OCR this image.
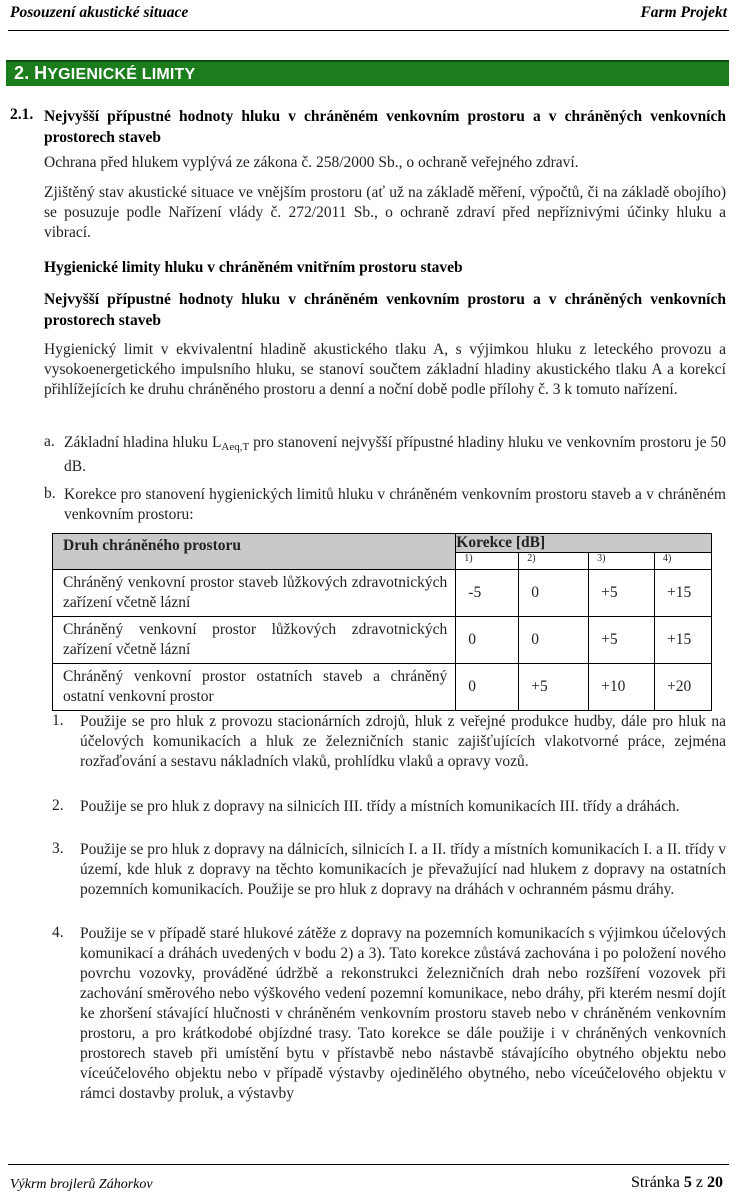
Posouzení akustické situace	Farm Projekt
2. HYGIENICKÉ LIMITY
2.1. Nejvyšší přípustné hodnoty hluku v chráněném venkovním prostoru a v chráněných venkovních prostorech staveb
Ochrana před hlukem vyplývá ze zákona č. 258/2000 Sb., o ochraně veřejného zdraví.
Zjištěný stav akustické situace ve vnějším prostoru (ať už na základě měření, výpočtů, či na základě obojího) se posuzuje podle Nařízení vlády č. 272/2011 Sb., o ochraně zdraví před nepříznivými účinky hluku a vibrací.
Hygienické limity hluku v chráněném vnitřním prostoru staveb
Nejvyšší přípustné hodnoty hluku v chráněném venkovním prostoru a v chráněných venkovních prostorech staveb
Hygienický limit v ekvivalentní hladině akustického tlaku A, s výjimkou hluku z leteckého provozu a vysokoenergetického impulsního hluku, se stanoví součtem základní hladiny akustického tlaku A a korekcí přihlížejících ke druhu chráněného prostoru a denní a noční době podle přílohy č. 3 k tomuto nařízení.
a. Základní hladina hluku $L_{Aeq,T}$ pro stanovení nejvyšší přípustné hladiny hluku ve venkovním prostoru je 50 dB.
b. Korekce pro stanovení hygienických limitů hluku v chráněném venkovním prostoru staveb a v chráněném venkovním prostoru:
Druh chráněného prostoru	Korekce [dB]			
	1)	2)	3)	4)
Chráněný venkovní prostor staveb lůžkových zdravotnických zařízení včetně lázní	-5	0	+5	+15
Chráněný venkovní prostor lůžkových zdravotnických zařízení včetně lázní	0	0	+5	+15
Chráněný venkovní prostor ostatních staveb a chráněný ostatní venkovní prostor	0	+5	+10	+20
1. Použije se pro hluk z provozu stacionárních zdrojů, hluk z veřejné produkce hudby, dále pro hluk na účelových komunikacích a hluk ze železničních stanic zajišťujících vlakotvorné práce, zejména rozřaďování a sestavu nákladních vlaků, prohlídku vlaků a opravy vozů.
2. Použije se pro hluk z dopravy na silnicích III. třídy a místních komunikacích III. třídy a dráhách.
3. Použije se pro hluk z dopravy na dálnicích, silnicích I. a II. třídy a místních komunikacích I. a II. třídy v území, kde hluk z dopravy na těchto komunikacích je převažující nad hlukem z dopravy na ostatních pozemních komunikacích. Použije se pro hluk z dopravy na dráhách v ochranném pásmu dráhy.
4. Použije se v případě staré hlukové zátěže z dopravy na pozemních komunikacích s výjimkou účelových komunikací a dráhách uvedených v bodu 2) a 3). Tato korekce zůstává zachována i po položení nového povrchu vozovky, prováděné údržbě a rekonstrukci železničních drah nebo rozšíření vozovek při zachování směrového nebo výškového vedení pozemní komunikace, nebo dráhy, při kterém nesmí dojít ke zhoršení stávající hlučnosti v chráněném venkovním prostoru staveb nebo v chráněném venkovním prostoru, a pro krátkodobé objízdné trasy. Tato korekce se dále použije i v chráněných venkovních prostorech staveb při umístění bytu v přístavbě nebo nástavbě stávajícího obytného objektu nebo víceúčelového objektu nebo v případě výstavby ojedinělého obytného, nebo víceúčelového objektu v rámci dostavby proluk, a výstavby
Výkrm brojlerů Záhorkov	Stránka 5 z 20
